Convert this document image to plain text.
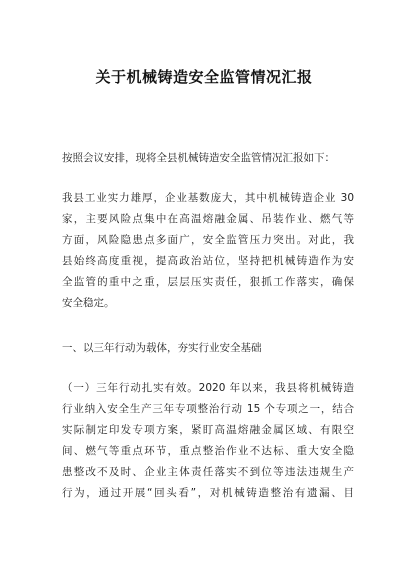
关于机械铸造安全监管情况汇报

按照会议安排，现将全县机械铸造安全监管情况汇报如下：

我县工业实力雄厚，企业基数庞大，其中机械铸造企业 30
家，主要风险点集中在高温熔融金属、吊装作业、燃气等
方面，风险隐患点多面广，安全监管压力突出。对此，我
县始终高度重视，提高政治站位，坚持把机械铸造作为安
全监管的重中之重，层层压实责任，狠抓工作落实，确保
安全稳定。

一、以三年行动为载体，夯实行业安全基础

（一）三年行动扎实有效。2020 年以来，我县将机械铸造
行业纳入安全生产三年专项整治行动 15 个专项之一，结合
实际制定印发专项方案，紧盯高温熔融金属区域、有限空
间、燃气等重点环节，重点整治作业不达标、重大安全隐
患整改不及时、企业主体责任落实不到位等违法违规生产
行为，通过开展“回头看”，对机械铸造整治有遗漏、目
